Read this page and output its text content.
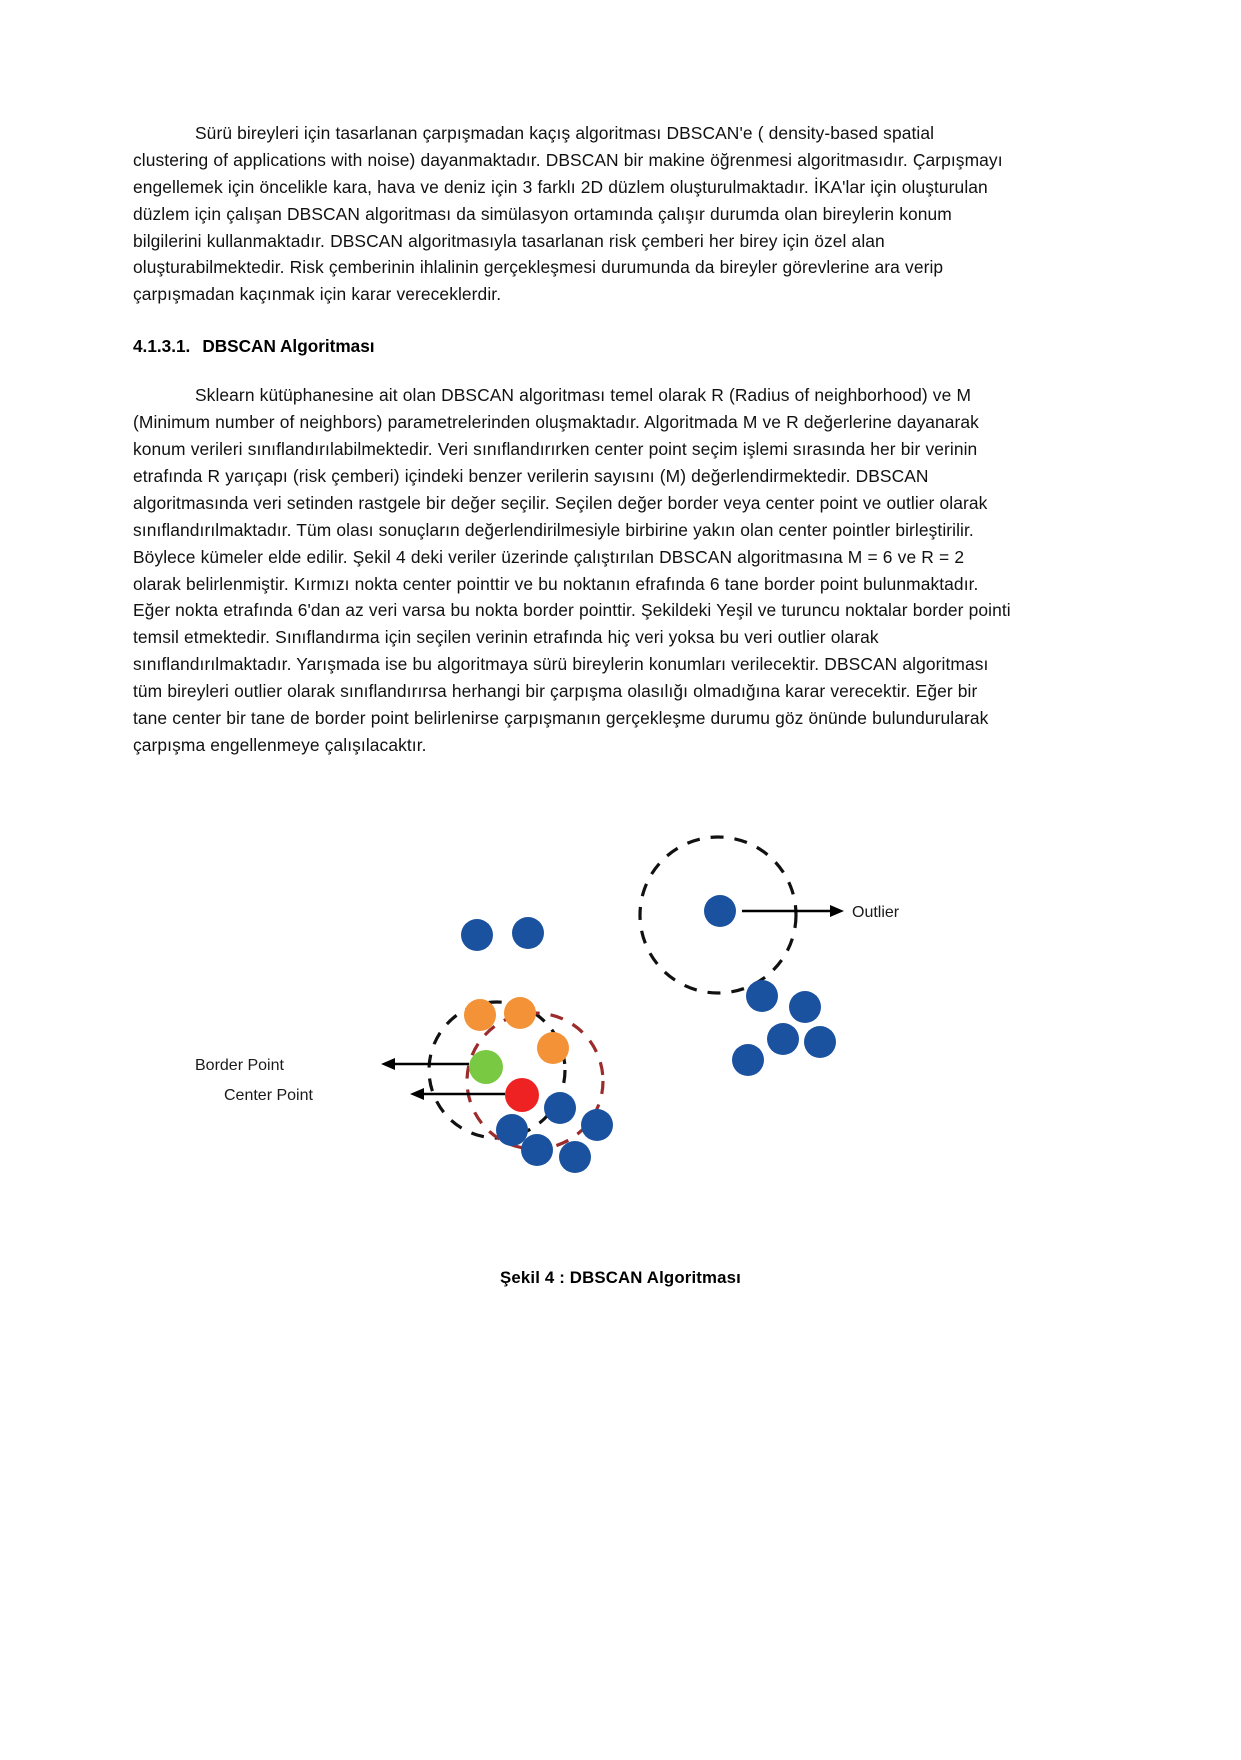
Sürü bireyleri için tasarlanan çarpışmadan kaçış algoritması DBSCAN'e ( density-based spatial clustering of applications with noise) dayanmaktadır. DBSCAN bir makine öğrenmesi algoritmasıdır. Çarpışmayı engellemek için öncelikle kara, hava ve deniz için 3 farklı 2D düzlem oluşturulmaktadır. İKA'lar için oluşturulan düzlem için çalışan DBSCAN algoritması da simülasyon ortamında çalışır durumda olan bireylerin konum bilgilerini kullanmaktadır. DBSCAN algoritmasıyla tasarlanan risk çemberi her birey için özel alan oluşturabilmektedir. Risk çemberinin ihlalinin gerçekleşmesi durumunda da bireyler görevlerine ara verip çarpışmadan kaçınmak için karar vereceklerdir.

4.1.3.1. DBSCAN Algoritması

Sklearn kütüphanesine ait olan DBSCAN algoritması temel olarak R (Radius of neighborhood) ve M (Minimum number of neighbors) parametrelerinden oluşmaktadır. Algoritmada M ve R değerlerine dayanarak konum verileri sınıflandırılabilmektedir. Veri sınıflandırırken center point seçim işlemi sırasında her bir verinin etrafında R yarıçapı (risk çemberi) içindeki benzer verilerin sayısını (M) değerlendirmektedir. DBSCAN algoritmasında veri setinden rastgele bir değer seçilir. Seçilen değer border veya center point ve outlier olarak sınıflandırılmaktadır. Tüm olası sonuçların değerlendirilmesiyle birbirine yakın olan center pointler birleştirilir. Böylece kümeler elde edilir. Şekil 4 deki veriler üzerinde çalıştırılan DBSCAN algoritmasına M = 6 ve R = 2 olarak belirlenmiştir. Kırmızı nokta center pointtir ve bu noktanın efrafında 6 tane border point bulunmaktadır. Eğer nokta etrafında 6'dan az veri varsa bu nokta border pointtir. Şekildeki Yeşil ve turuncu noktalar border pointi temsil etmektedir. Sınıflandırma için seçilen verinin etrafında hiç veri yoksa bu veri outlier olarak sınıflandırılmaktadır. Yarışmada ise bu algoritmaya sürü bireylerin konumları verilecektir. DBSCAN algoritması tüm bireyleri outlier olarak sınıflandırırsa herhangi bir çarpışma olasılığı olmadığına karar verecektir. Eğer bir tane center bir tane de border point belirlenirse çarpışmanın gerçekleşme durumu göz önünde bulundurularak çarpışma engellenmeye çalışılacaktır.

Outlier
Border Point
Center Point
Şekil 4 : DBSCAN Algoritması
